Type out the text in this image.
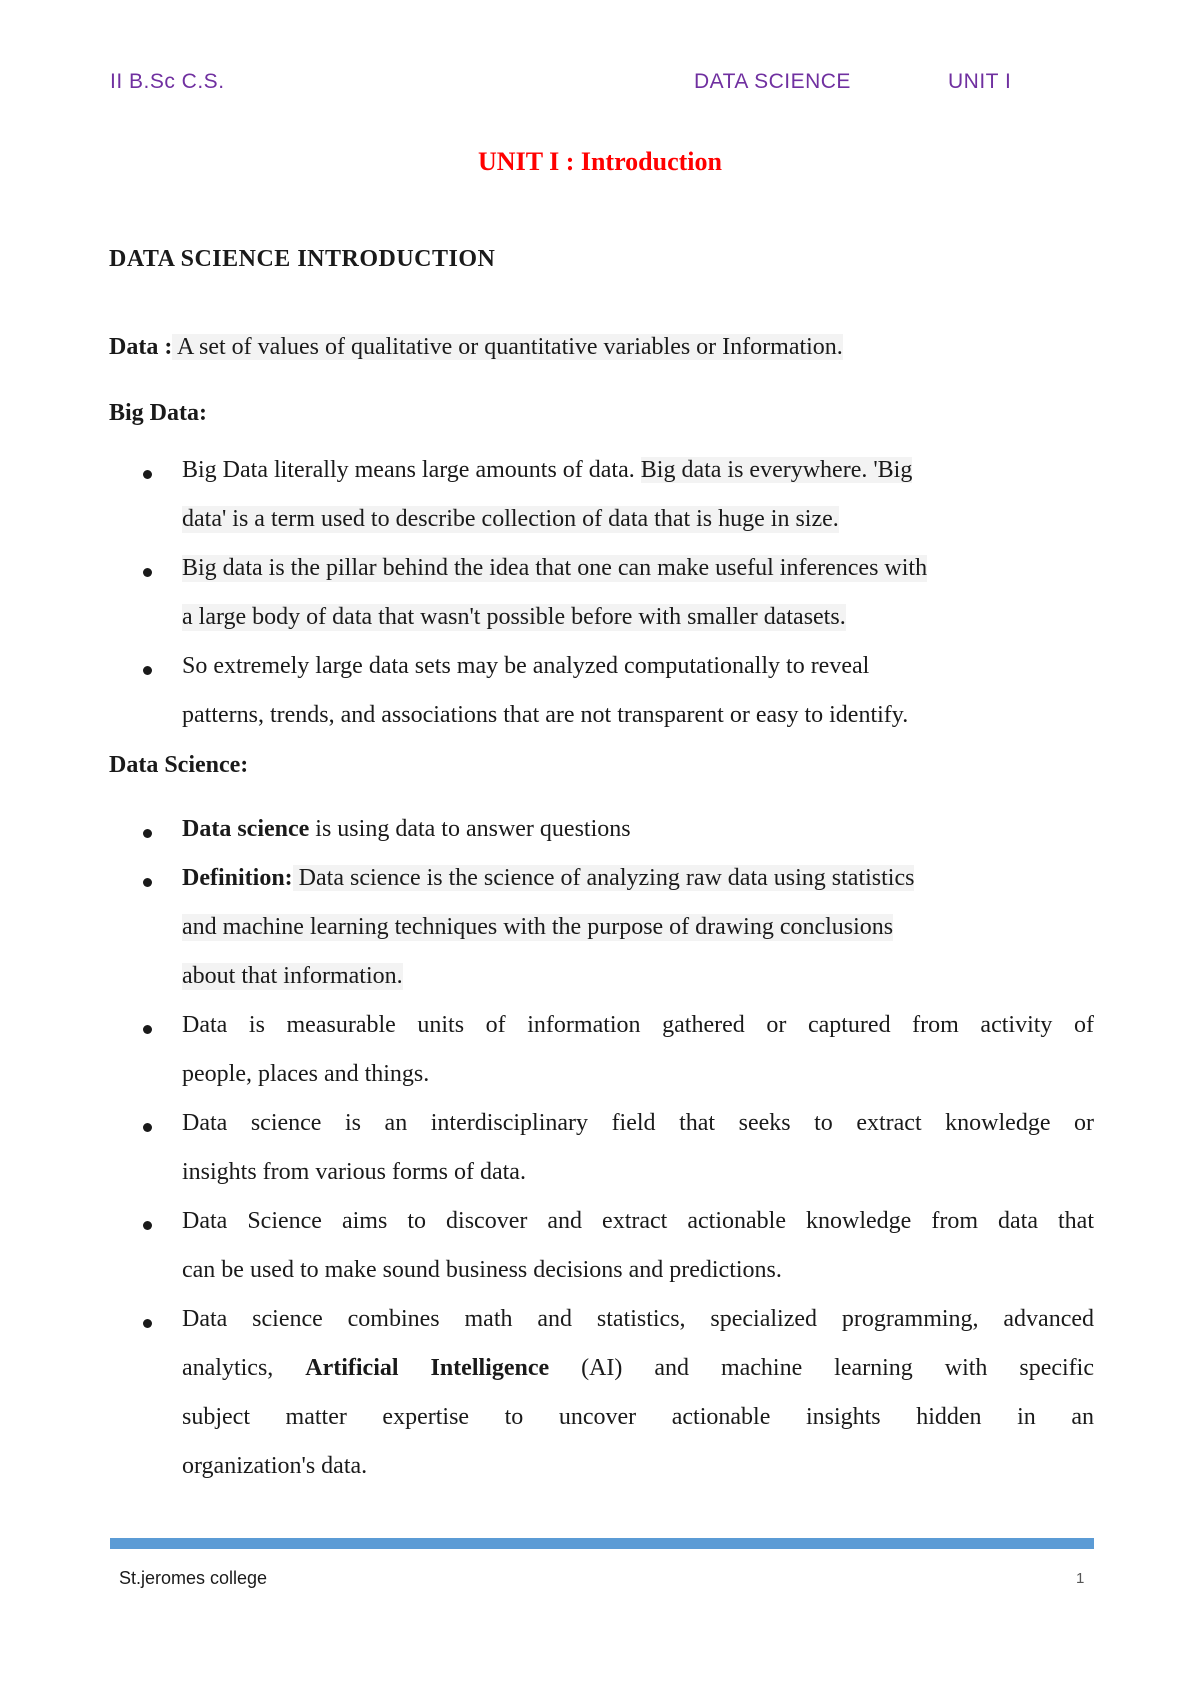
II B.Sc C.S.	DATA SCIENCE	UNIT I
UNIT I : Introduction
DATA SCIENCE INTRODUCTION
Data : A set of values of qualitative or quantitative variables or Information.
Big Data:
Big Data literally means large amounts of data. Big data is everywhere. 'Big
data' is a term used to describe collection of data that is huge in size.
Big data is the pillar behind the idea that one can make useful inferences with
a large body of data that wasn't possible before with smaller datasets.
So extremely large data sets may be analyzed computationally to reveal
patterns, trends, and associations that are not transparent or easy to identify.
Data Science:
Data science is using data to answer questions
Definition: Data science is the science of analyzing raw data using statistics
and machine learning techniques with the purpose of drawing conclusions
about that information.
Data is measurable units of information gathered or captured from activity of
people, places and things.
Data science is an interdisciplinary field that seeks to extract knowledge or
insights from various forms of data.
Data Science aims to discover and extract actionable knowledge from data that
can be used to make sound business decisions and predictions.
Data science combines math and statistics, specialized programming, advanced
analytics, Artificial Intelligence (AI) and machine learning with specific
subject matter expertise to uncover actionable insights hidden in an
organization's data.
St.jeromes college	1
